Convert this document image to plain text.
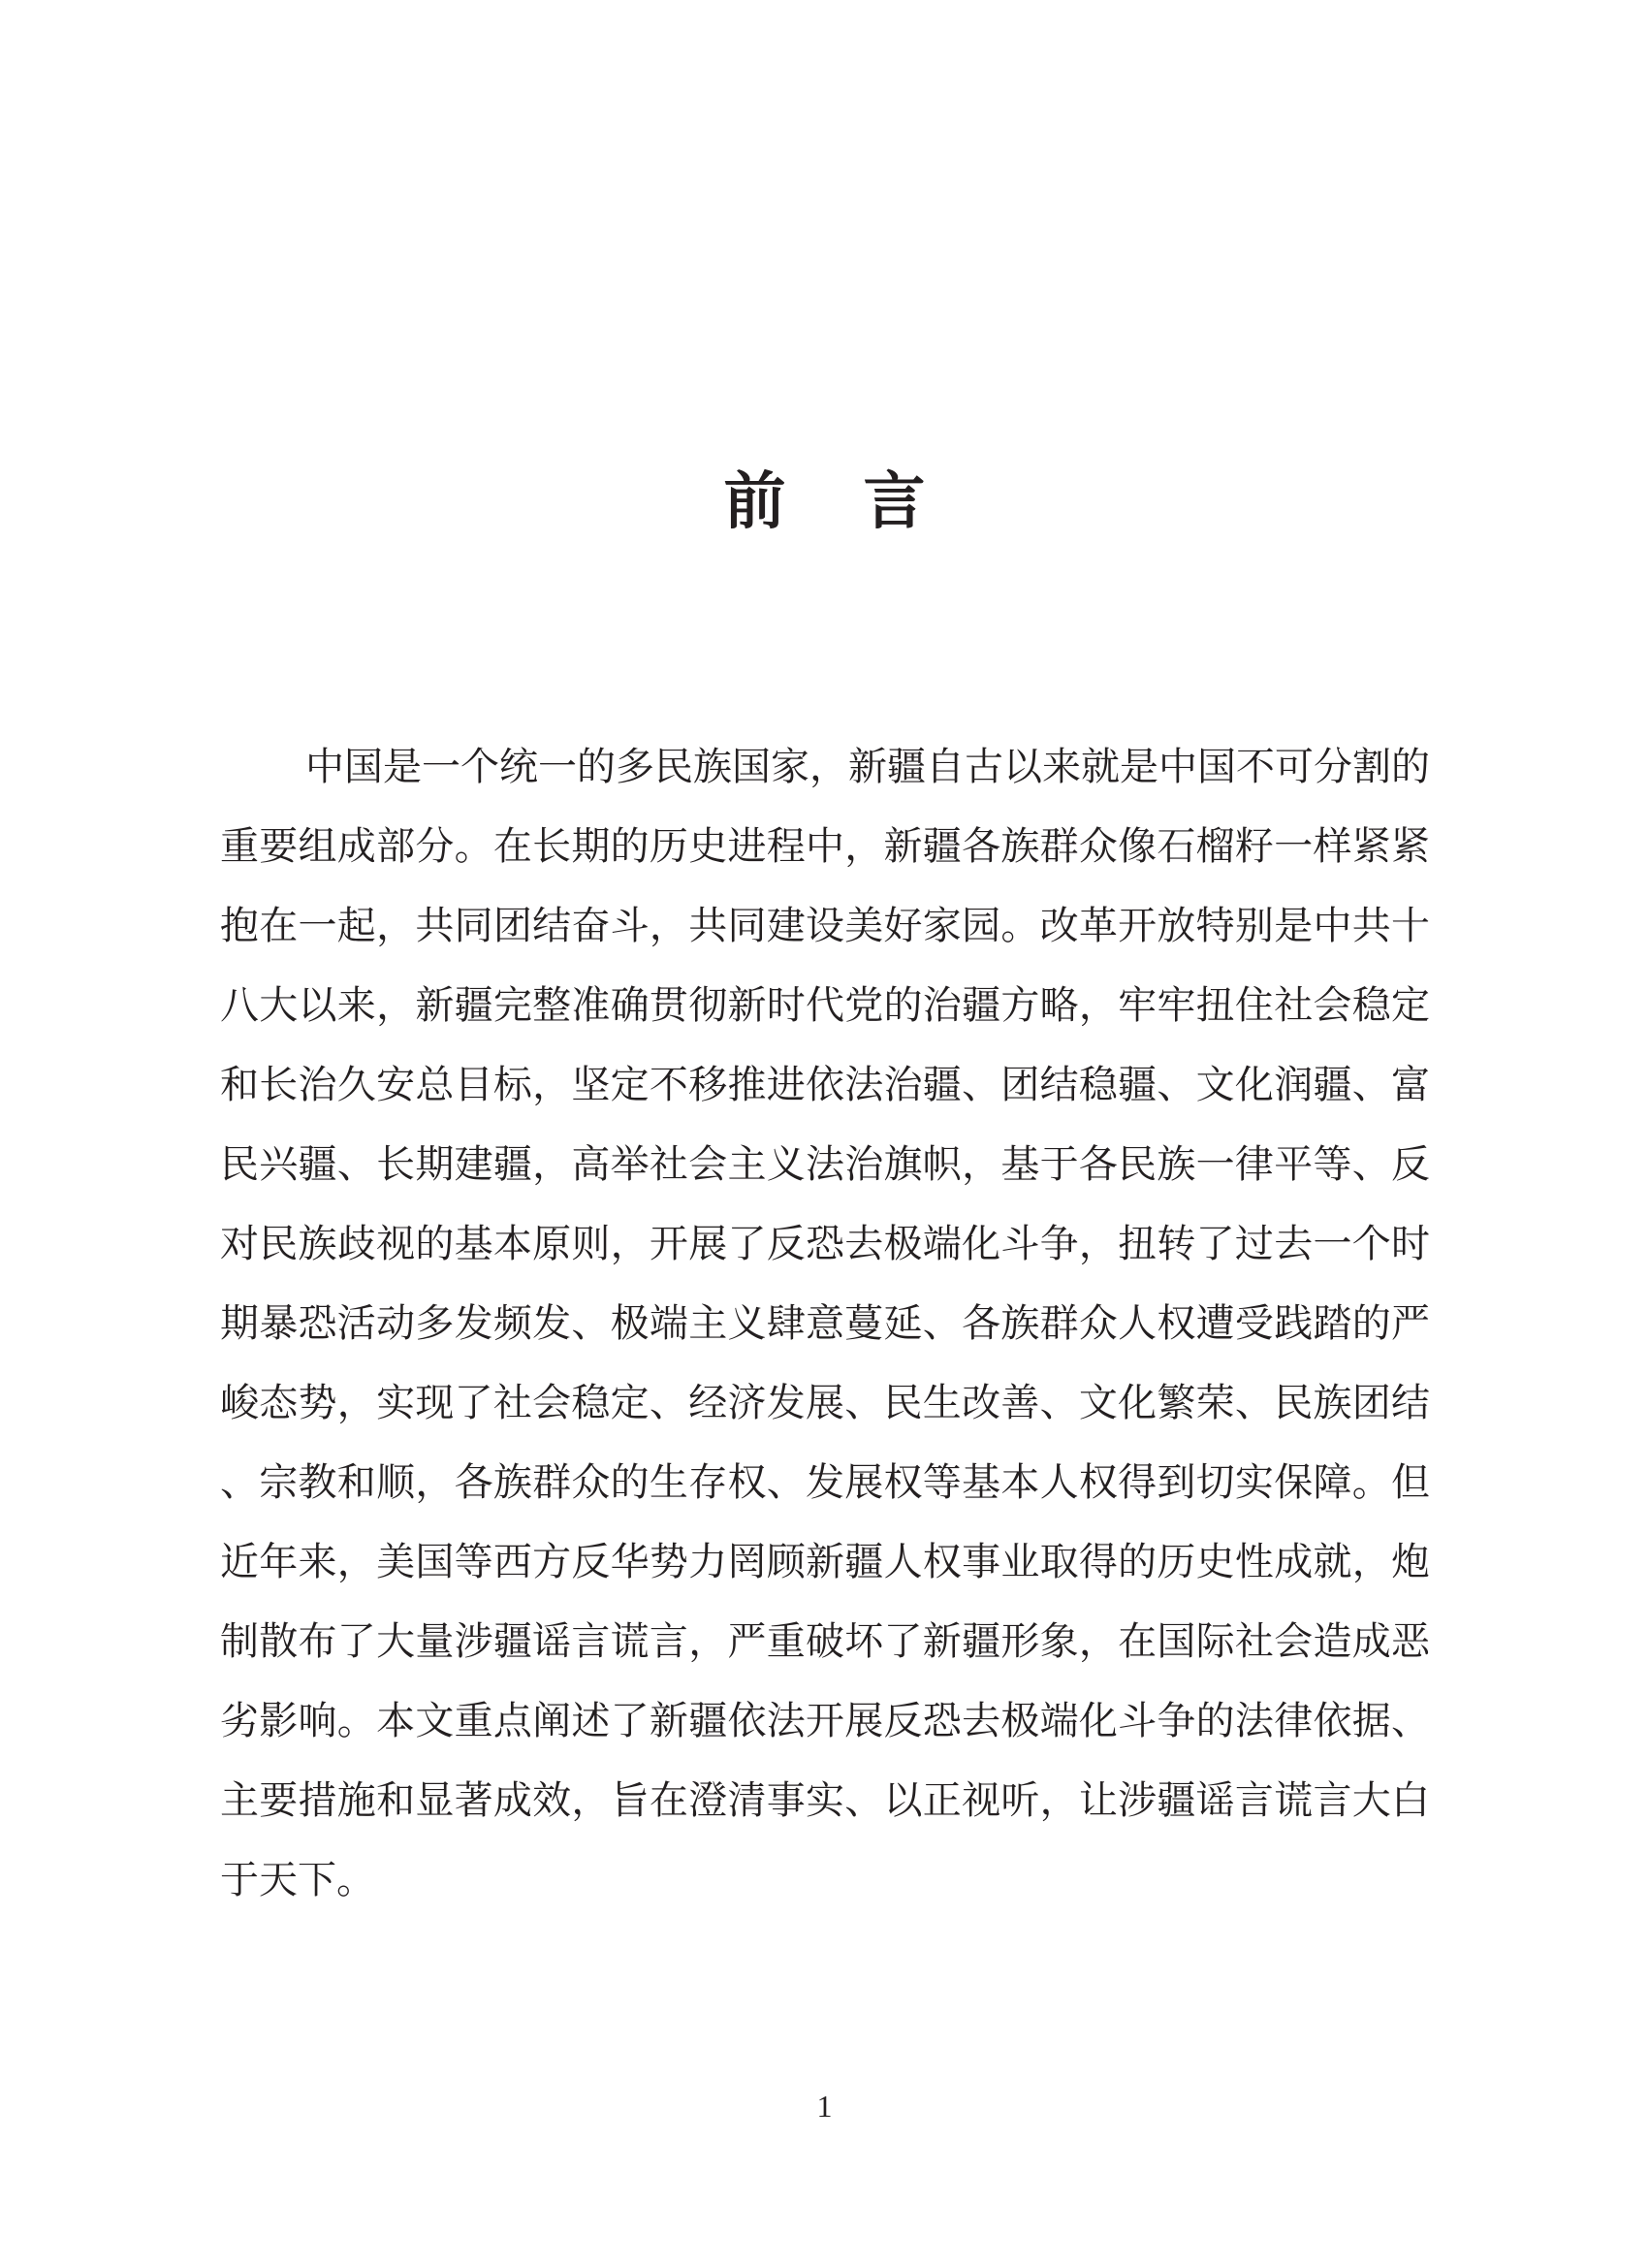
前 言

中国是一个统一的多民族国家，新疆自古以来就是中国不可分割的重要组成部分。在长期的历史进程中，新疆各族群众像石榴籽一样紧紧抱在一起，共同团结奋斗，共同建设美好家园。改革开放特别是中共十八大以来，新疆完整准确贯彻新时代党的治疆方略，牢牢扭住社会稳定和长治久安总目标，坚定不移推进依法治疆、团结稳疆、文化润疆、富民兴疆、长期建疆，高举社会主义法治旗帜，基于各民族一律平等、反对民族歧视的基本原则，开展了反恐去极端化斗争，扭转了过去一个时期暴恐活动多发频发、极端主义肆意蔓延、各族群众人权遭受践踏的严峻态势，实现了社会稳定、经济发展、民生改善、文化繁荣、民族团结、宗教和顺，各族群众的生存权、发展权等基本人权得到切实保障。但近年来，美国等西方反华势力罔顾新疆人权事业取得的历史性成就，炮制散布了大量涉疆谣言谎言，严重破坏了新疆形象，在国际社会造成恶劣影响。本文重点阐述了新疆依法开展反恐去极端化斗争的法律依据、主要措施和显著成效，旨在澄清事实、以正视听，让涉疆谣言谎言大白于天下。

1
